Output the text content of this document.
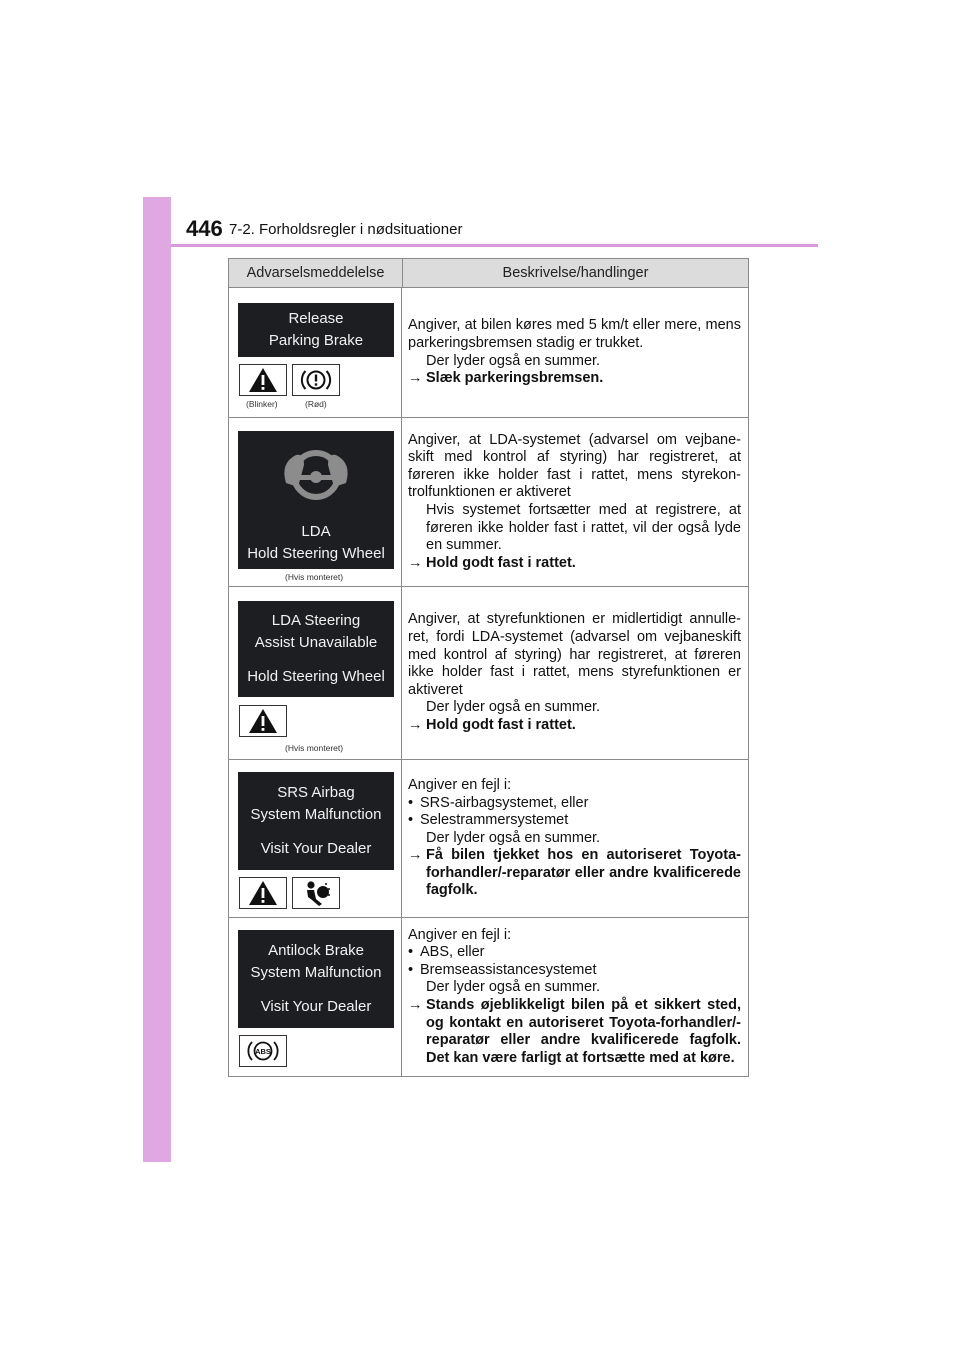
446 7-2. Forholdsregler i nødsituationer
Advarselsmeddelelse	Beskrivelse/handlinger
Release
Parking Brake
(Blinker)	(Rød)

Angiver, at bilen køres med 5 km/t eller mere, mens parkeringsbremsen stadig er trukket.

Der lyder også en summer.

→ Slæk parkeringsbremsen.
LDA
Hold Steering Wheel
(Hvis monteret)

Angiver, at LDA-systemet (advarsel om vejbane-skift med kontrol af styring) har registreret, at føreren ikke holder fast i rattet, mens styrekon-trolfunktionen er aktiveret

Hvis systemet fortsætter med at registrere, at føreren ikke holder fast i rattet, vil der også lyde en summer.

→ Hold godt fast i rattet.
LDA Steering
Assist Unavailable
Hold Steering Wheel
(Hvis monteret)

Angiver, at styrefunktionen er midlertidigt annulle-ret, fordi LDA-systemet (advarsel om vejbaneskift med kontrol af styring) har registreret, at føreren ikke holder fast i rattet, mens styrefunktionen er aktiveret

Der lyder også en summer.

→ Hold godt fast i rattet.
SRS Airbag
System Malfunction
Visit Your Dealer

Angiver en fejl i:

• SRS-airbagsystemet, eller
• Selestrammersystemet

Der lyder også en summer.

→ Få bilen tjekket hos en autoriseret Toyota-forhandler/-reparatør eller andre kvalificerede fagfolk.
Antilock Brake
System Malfunction
Visit Your Dealer
ABS

Angiver en fejl i:

• ABS, eller
• Bremseassistancesystemet

Der lyder også en summer.

→ Stands øjeblikkeligt bilen på et sikkert sted, og kontakt en autoriseret Toyota-forhandler/-reparatør eller andre kvalificerede fagfolk. Det kan være farligt at fortsætte med at køre.
